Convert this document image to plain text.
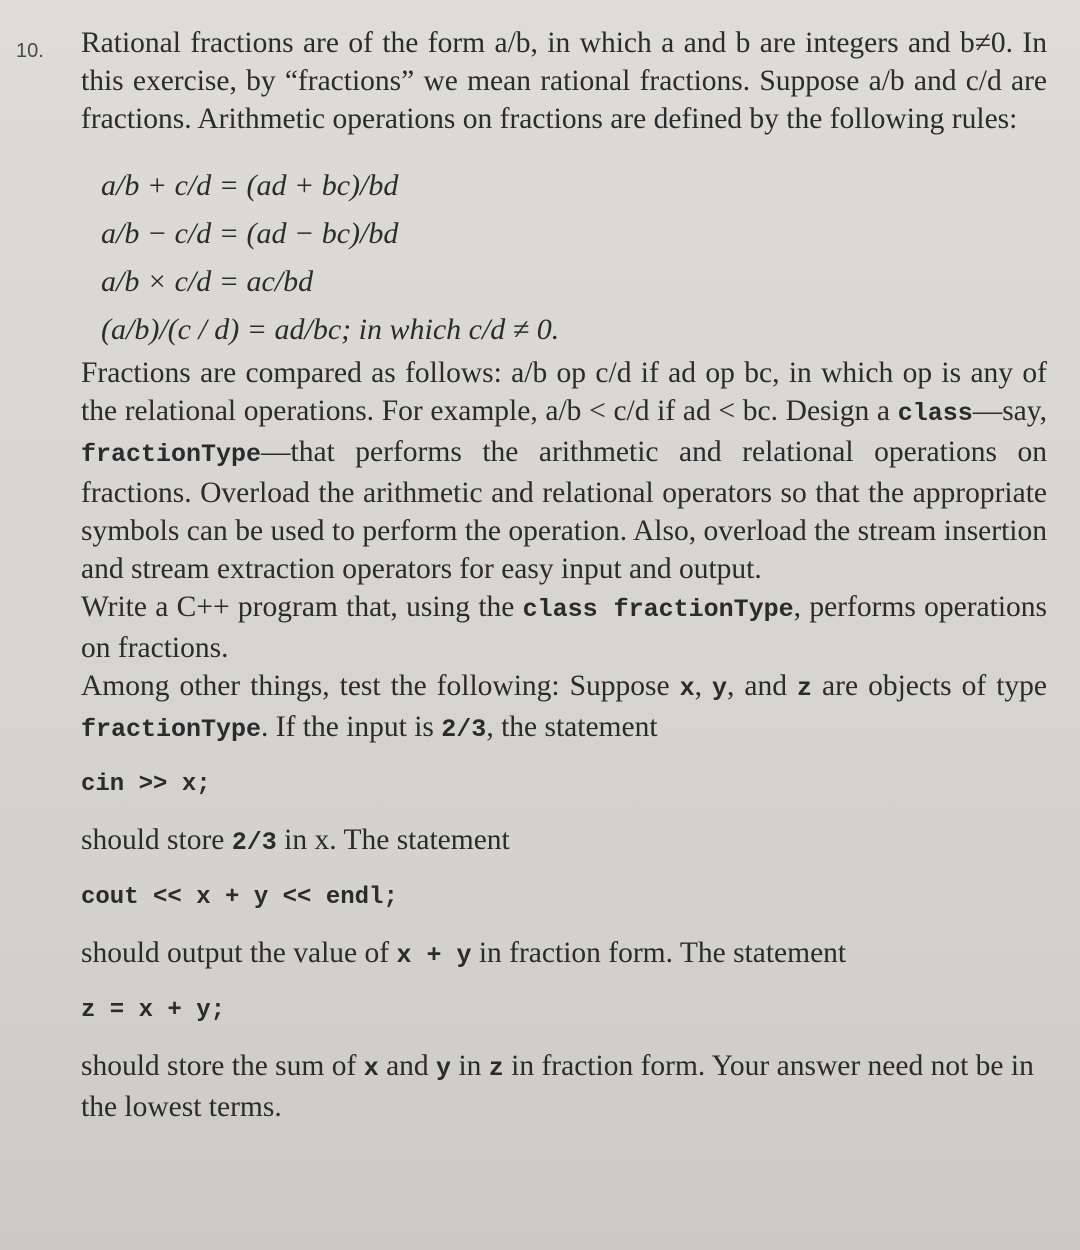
10. Rational fractions are of the form a/b, in which a and b are integers and b≠0. In this exercise, by “fractions” we mean rational fractions. Suppose a/b and c/d are fractions. Arithmetic operations on fractions are defined by the following rules:

a/b + c/d = (ad + bc)/bd
a/b − c/d = (ad − bc)/bd
a/b × c/d = ac/bd
(a/b)/(c / d) = ad/bc; in which c/d ≠ 0.

Fractions are compared as follows: a/b op c/d if ad op bc, in which op is any of the relational operations. For example, a/b < c/d if ad < bc. Design a class—say, fractionType—that performs the arithmetic and relational operations on fractions. Overload the arithmetic and relational operators so that the appropriate symbols can be used to perform the operation. Also, overload the stream insertion and stream extraction operators for easy input and output.

Write a C++ program that, using the class fractionType, performs operations on fractions.

Among other things, test the following: Suppose x, y, and z are objects of type fractionType. If the input is 2/3, the statement

cin >> x;

should store 2/3 in x. The statement

cout << x + y << endl;

should output the value of x + y in fraction form. The statement

z = x + y;

should store the sum of x and y in z in fraction form. Your answer need not be in the lowest terms.
